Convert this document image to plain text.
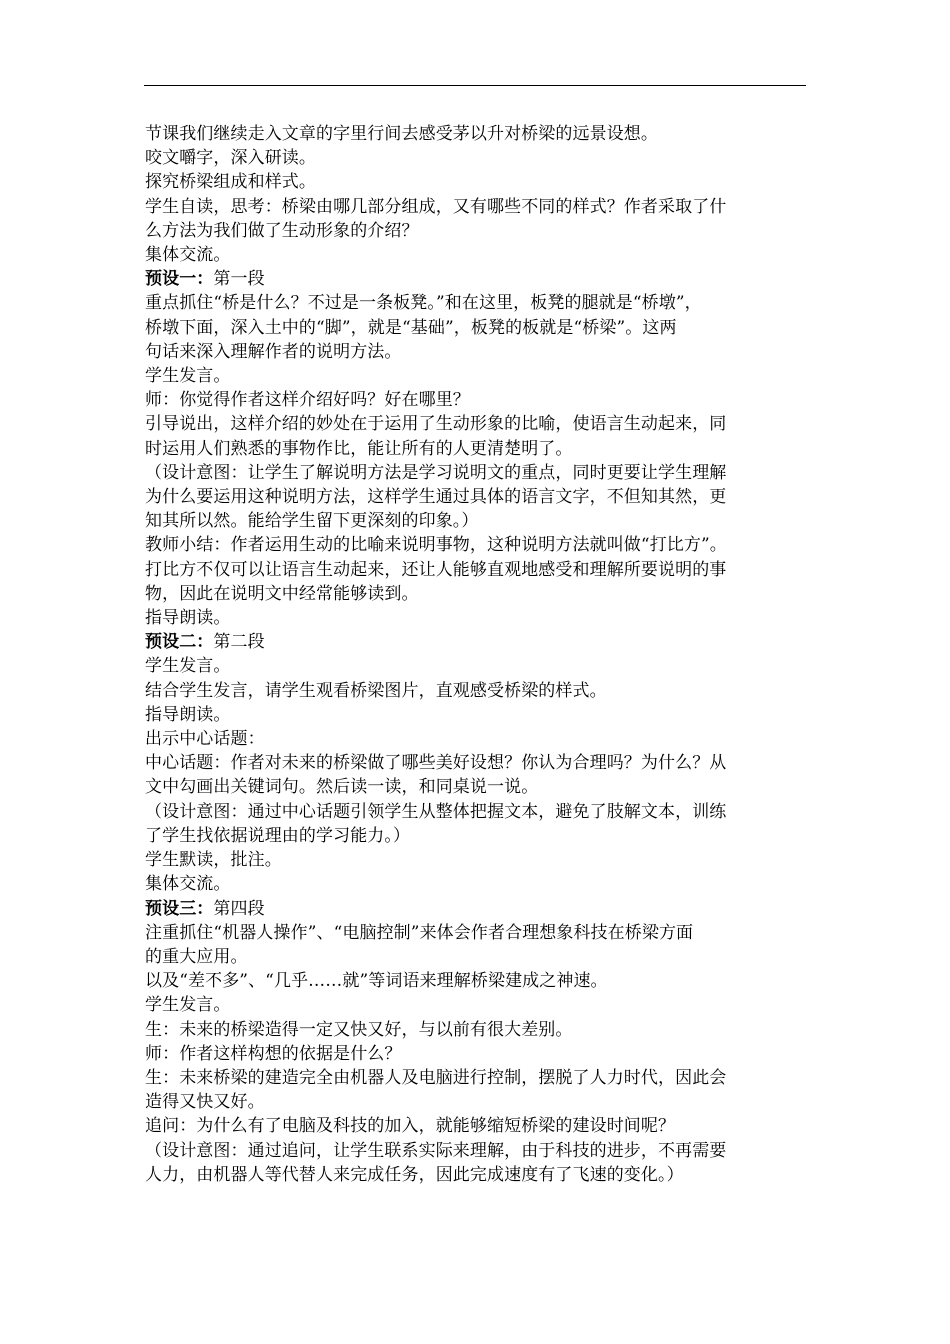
节课我们继续走入文章的字里行间去感受茅以升对桥梁的远景设想。

咬文嚼字，深入研读。

探究桥梁组成和样式。

学生自读，思考：桥梁由哪几部分组成，又有哪些不同的样式？作者采取了什
么方法为我们做了生动形象的介绍？

集体交流。

预设一：第一段

重点抓住“桥是什么？不过是一条板凳。”和在这里，板凳的腿就是“桥墩”，
桥墩下面，深入土中的“脚”，就是“基础”，板凳的板就是“桥梁”。这两
句话来深入理解作者的说明方法。

学生发言。

师：你觉得作者这样介绍好吗？好在哪里？

引导说出，这样介绍的妙处在于运用了生动形象的比喻，使语言生动起来，同
时运用人们熟悉的事物作比，能让所有的人更清楚明了。

（设计意图：让学生了解说明方法是学习说明文的重点，同时更要让学生理解
为什么要运用这种说明方法，这样学生通过具体的语言文字，不但知其然，更
知其所以然。能给学生留下更深刻的印象。）

教师小结：作者运用生动的比喻来说明事物，这种说明方法就叫做“打比方”。
打比方不仅可以让语言生动起来，还让人能够直观地感受和理解所要说明的事
物，因此在说明文中经常能够读到。

指导朗读。

预设二：第二段

学生发言。

结合学生发言，请学生观看桥梁图片，直观感受桥梁的样式。

指导朗读。

出示中心话题：

中心话题：作者对未来的桥梁做了哪些美好设想？你认为合理吗？为什么？从
文中勾画出关键词句。然后读一读，和同桌说一说。

（设计意图：通过中心话题引领学生从整体把握文本，避免了肢解文本，训练
了学生找依据说理由的学习能力。）

学生默读，批注。

集体交流。

预设三：第四段

注重抓住“机器人操作”、“电脑控制”来体会作者合理想象科技在桥梁方面
的重大应用。

以及“差不多”、“几乎……就”等词语来理解桥梁建成之神速。

学生发言。

生：未来的桥梁造得一定又快又好，与以前有很大差别。

师：作者这样构想的依据是什么？

生：未来桥梁的建造完全由机器人及电脑进行控制，摆脱了人力时代，因此会
造得又快又好。

追问：为什么有了电脑及科技的加入，就能够缩短桥梁的建设时间呢？

（设计意图：通过追问，让学生联系实际来理解，由于科技的进步，不再需要
人力，由机器人等代替人来完成任务，因此完成速度有了飞速的变化。）
